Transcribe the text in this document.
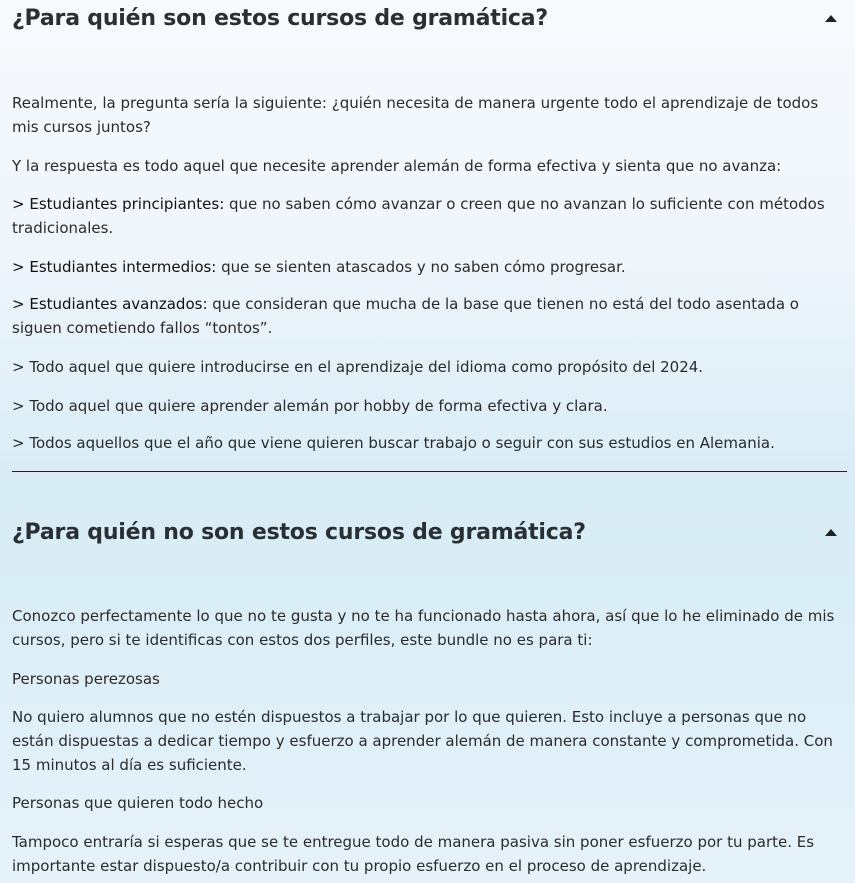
¿Para quién son estos cursos de gramática?

Realmente, la pregunta sería la siguiente: ¿quién necesita de manera urgente todo el aprendizaje de todos mis cursos juntos?

Y la respuesta es todo aquel que necesite aprender alemán de forma efectiva y sienta que no avanza:

> Estudiantes principiantes: que no saben cómo avanzar o creen que no avanzan lo suficiente con métodos tradicionales.

> Estudiantes intermedios: que se sienten atascados y no saben cómo progresar.

> Estudiantes avanzados: que consideran que mucha de la base que tienen no está del todo asentada o siguen cometiendo fallos “tontos”.

> Todo aquel que quiere introducirse en el aprendizaje del idioma como propósito del 2024.

> Todo aquel que quiere aprender alemán por hobby de forma efectiva y clara.

> Todos aquellos que el año que viene quieren buscar trabajo o seguir con sus estudios en Alemania.

¿Para quién no son estos cursos de gramática?

Conozco perfectamente lo que no te gusta y no te ha funcionado hasta ahora, así que lo he eliminado de mis cursos, pero si te identificas con estos dos perfiles, este bundle no es para ti:

Personas perezosas

No quiero alumnos que no estén dispuestos a trabajar por lo que quieren. Esto incluye a personas que no están dispuestas a dedicar tiempo y esfuerzo a aprender alemán de manera constante y comprometida. Con 15 minutos al día es suficiente.

Personas que quieren todo hecho

Tampoco entraría si esperas que se te entregue todo de manera pasiva sin poner esfuerzo por tu parte. Es importante estar dispuesto/a contribuir con tu propio esfuerzo en el proceso de aprendizaje.
